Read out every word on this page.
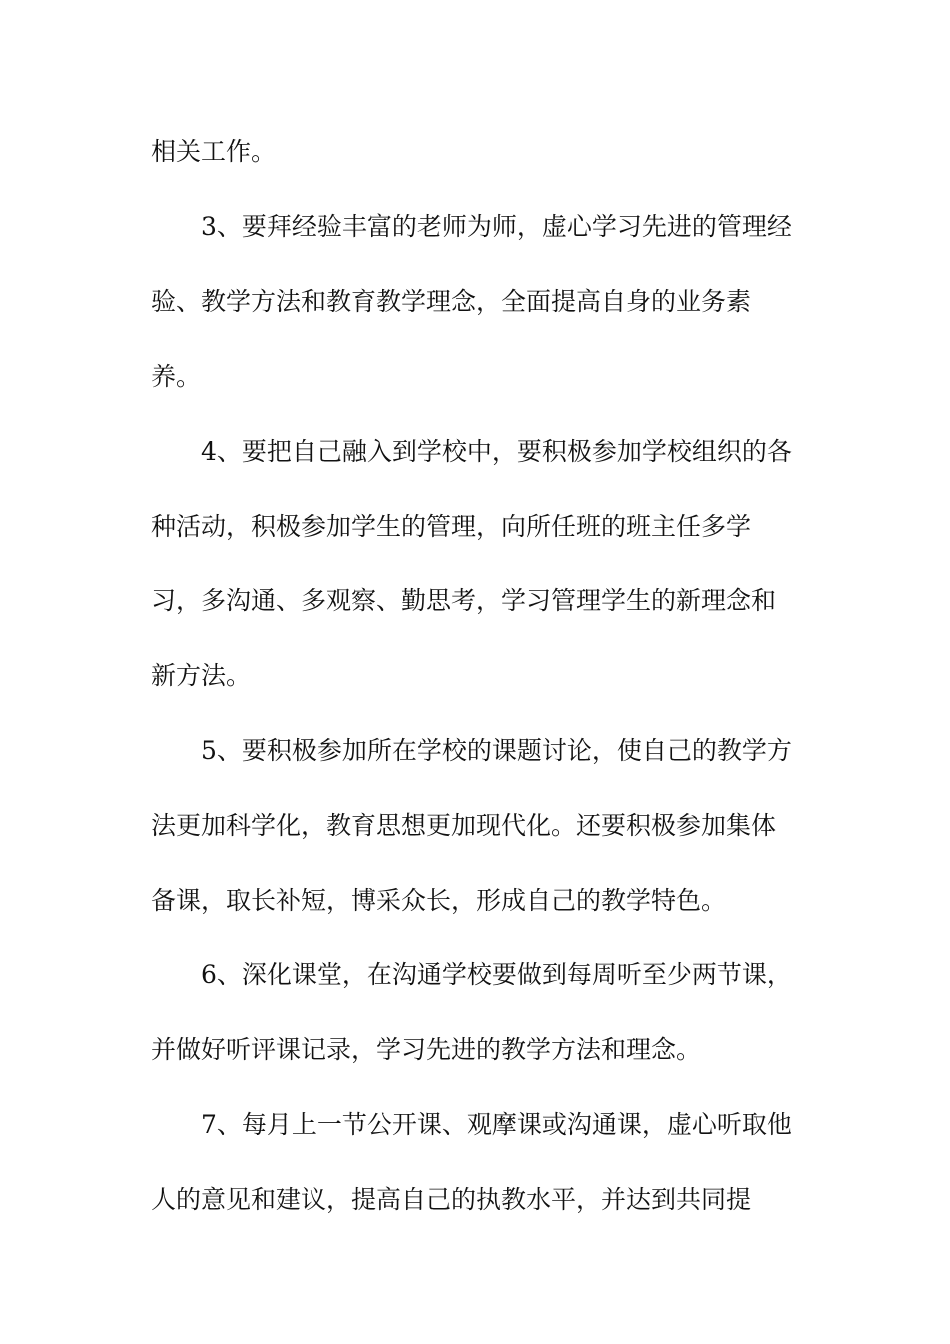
相关工作。
3、要拜经验丰富的老师为师，虚心学习先进的管理经
验、教学方法和教育教学理念，全面提高自身的业务素
养。
4、要把自己融入到学校中，要积极参加学校组织的各
种活动，积极参加学生的管理，向所任班的班主任多学
习，多沟通、多观察、勤思考，学习管理学生的新理念和
新方法。
5、要积极参加所在学校的课题讨论，使自己的教学方
法更加科学化，教育思想更加现代化。还要积极参加集体
备课，取长补短，博采众长，形成自己的教学特色。
6、深化课堂，在沟通学校要做到每周听至少两节课，
并做好听评课记录，学习先进的教学方法和理念。
7、每月上一节公开课、观摩课或沟通课，虚心听取他
人的意见和建议，提高自己的执教水平，并达到共同提
